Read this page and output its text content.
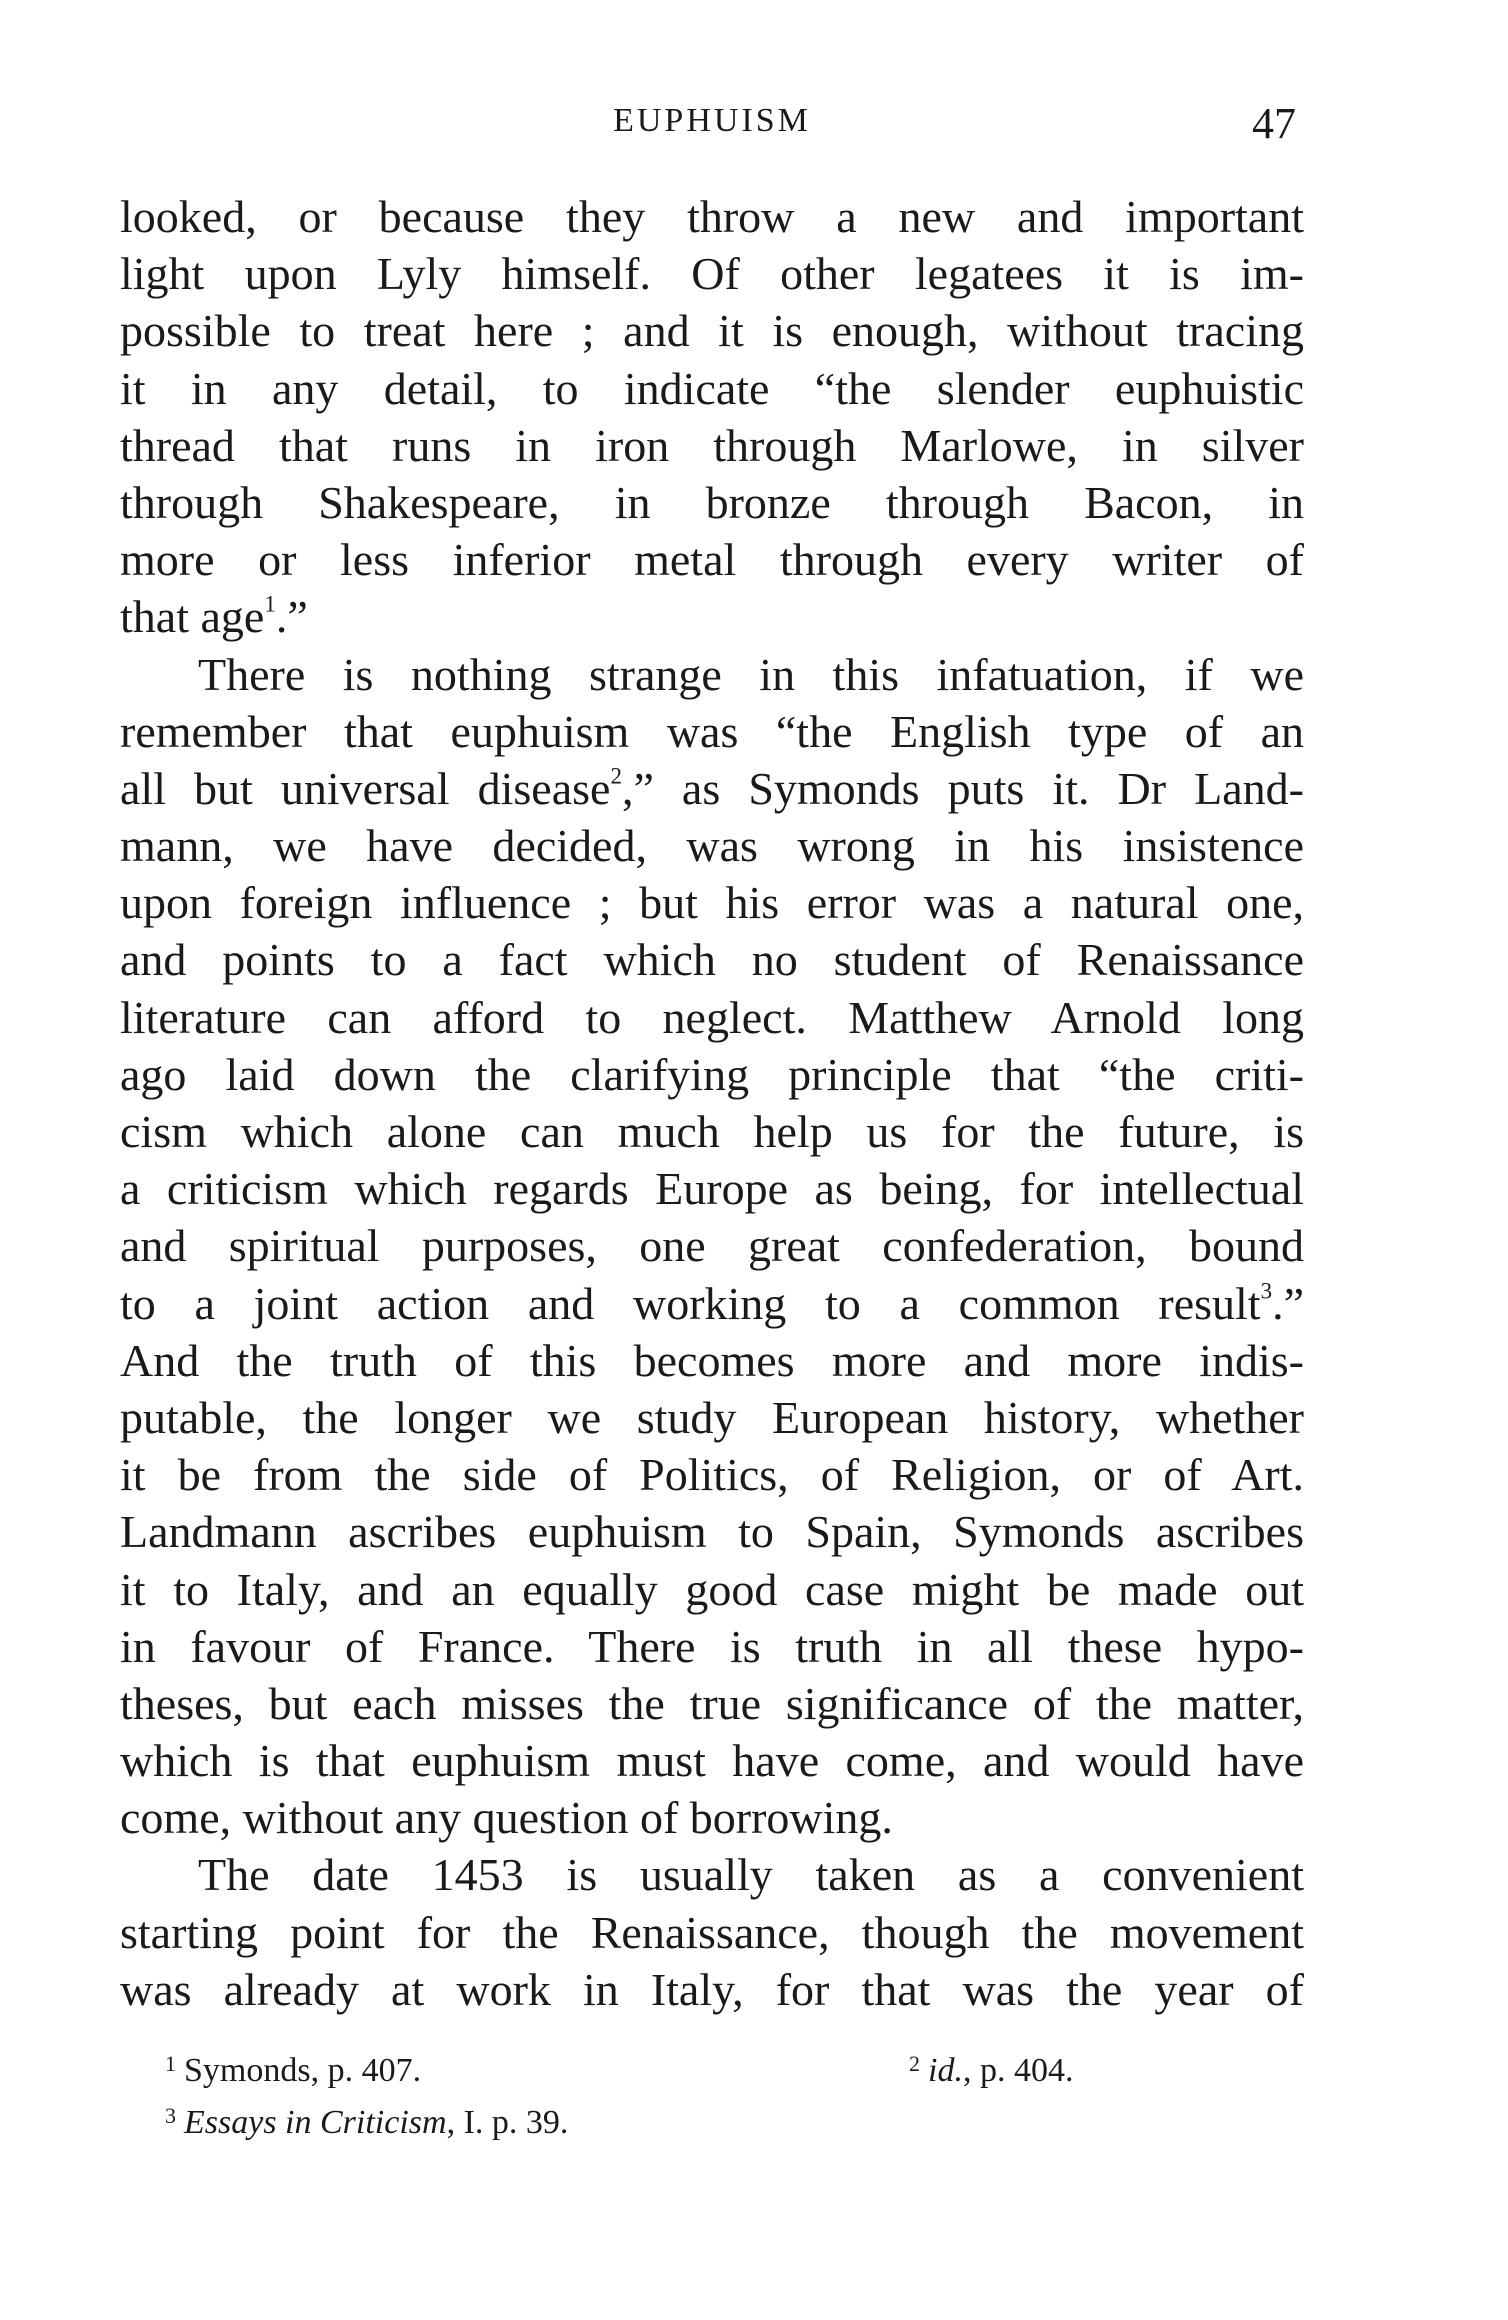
EUPHUISM	47
looked, or because they throw a new and important
light upon Lyly himself. Of other legatees it is im-
possible to treat here ; and it is enough, without tracing
it in any detail, to indicate “the slender euphuistic
thread that runs in iron through Marlowe, in silver
through Shakespeare, in bronze through Bacon, in
more or less inferior metal through every writer of
that age$^1$.”
There is nothing strange in this infatuation, if we
remember that euphuism was “the English type of an
all but universal disease$^2$,” as Symonds puts it. Dr Land-
mann, we have decided, was wrong in his insistence
upon foreign influence ; but his error was a natural one,
and points to a fact which no student of Renaissance
literature can afford to neglect. Matthew Arnold long
ago laid down the clarifying principle that “the criti-
cism which alone can much help us for the future, is
a criticism which regards Europe as being, for intellectual
and spiritual purposes, one great confederation, bound
to a joint action and working to a common result$^3$.”
And the truth of this becomes more and more indis-
putable, the longer we study European history, whether
it be from the side of Politics, of Religion, or of Art.
Landmann ascribes euphuism to Spain, Symonds ascribes
it to Italy, and an equally good case might be made out
in favour of France. There is truth in all these hypo-
theses, but each misses the true significance of the matter,
which is that euphuism must have come, and would have
come, without any question of borrowing.
The date 1453 is usually taken as a convenient
starting point for the Renaissance, though the movement
was already at work in Italy, for that was the year of
$^1$ Symonds, p. 407.	$^2$ id., p. 404.
$^3$ Essays in Criticism, I. p. 39.
